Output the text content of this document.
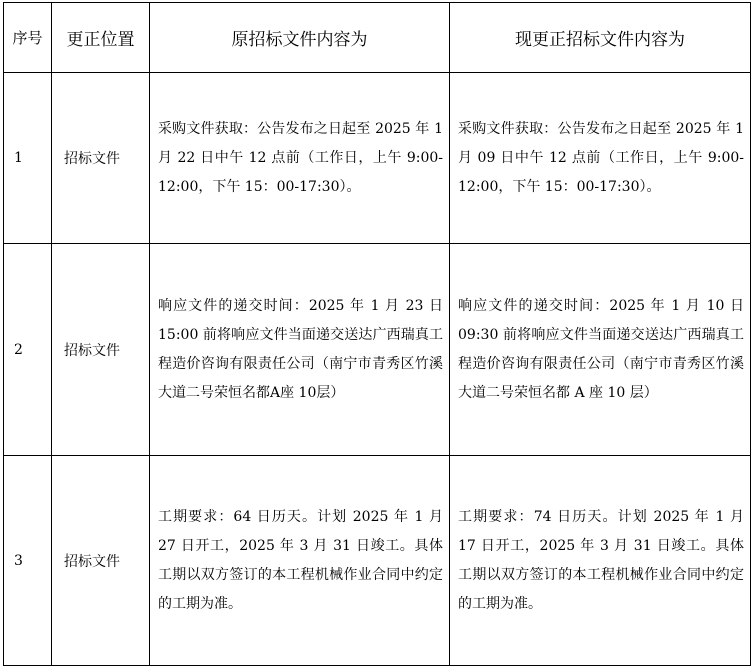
序号	更正位置	原招标文件内容为	现更正招标文件内容为
1	招标文件	采购文件获取：公告发布之日起至 2025 年 1 月 22 日中午 12 点前（工作日，上午 9:00-12:00，下午 15：00-17:30）。	采购文件获取：公告发布之日起至 2025 年 1 月 09 日中午 12 点前（工作日，上午 9:00-12:00，下午 15：00-17:30）。
2	招标文件	响应文件的递交时间：2025 年 1 月 23 日 15:00 前将响应文件当面递交送达广西瑞真工程造价咨询有限责任公司（南宁市青秀区竹溪大道二号荣恒名都A座 10层）	响应文件的递交时间：2025 年 1 月 10 日 09:30 前将响应文件当面递交送达广西瑞真工程造价咨询有限责任公司（南宁市青秀区竹溪大道二号荣恒名都 A 座 10 层）
3	招标文件	工期要求：64 日历天。计划 2025 年 1 月 27 日开工，2025 年 3 月 31 日竣工。具体工期以双方签订的本工程机械作业合同中约定的工期为准。	工期要求：74 日历天。计划 2025 年 1 月 17 日开工，2025 年 3 月 31 日竣工。具体工期以双方签订的本工程机械作业合同中约定的工期为准。
